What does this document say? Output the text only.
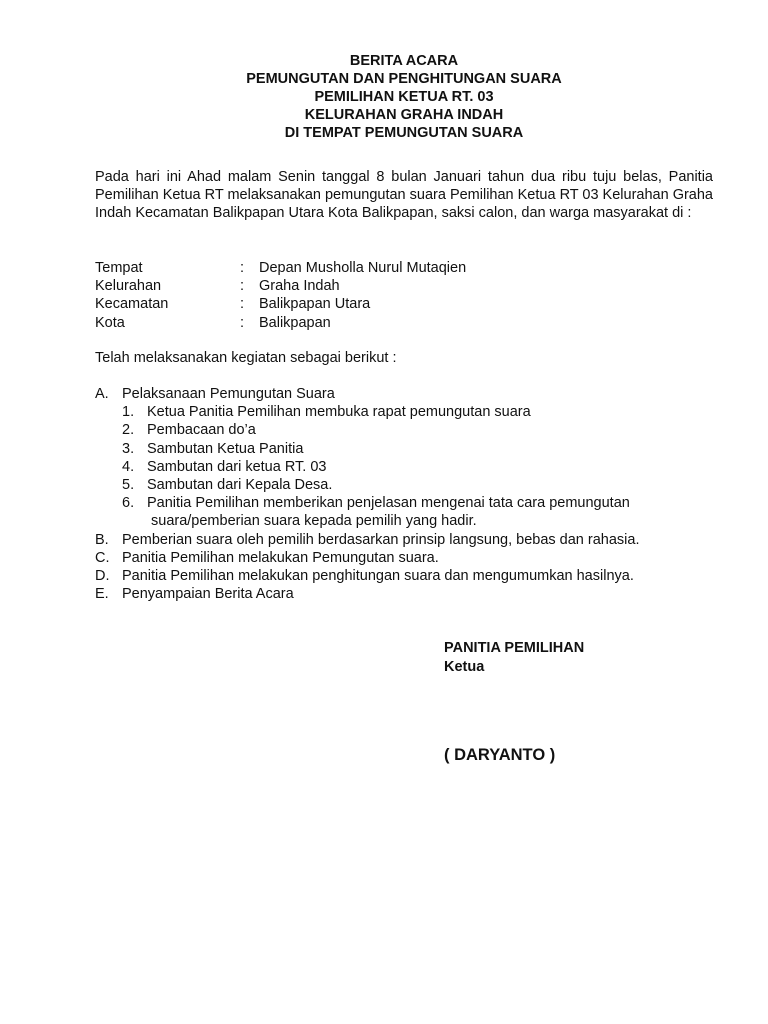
BERITA ACARA
PEMUNGUTAN DAN PENGHITUNGAN SUARA
PEMILIHAN KETUA RT. 03
KELURAHAN GRAHA INDAH
DI TEMPAT PEMUNGUTAN SUARA
Pada hari ini Ahad malam Senin tanggal 8 bulan Januari tahun dua ribu tuju belas, Panitia Pemilihan Ketua RT melaksanakan pemungutan suara Pemilihan Ketua RT 03 Kelurahan Graha Indah Kecamatan Balikpapan Utara Kota Balikpapan, saksi calon, dan warga masyarakat di :
Tempat	:	Depan Musholla Nurul Mutaqien
Kelurahan	:	Graha Indah
Kecamatan	:	Balikpapan Utara
Kota	:	Balikpapan
Telah melaksanakan kegiatan sebagai berikut :
A. Pelaksanaan Pemungutan Suara
1. Ketua Panitia Pemilihan membuka rapat pemungutan suara
2. Pembacaan do’a
3. Sambutan Ketua Panitia
4. Sambutan dari ketua RT. 03
5. Sambutan dari Kepala Desa.
6. Panitia Pemilihan memberikan penjelasan mengenai tata cara pemungutan
suara/pemberian suara kepada pemilih yang hadir.
B. Pemberian suara oleh pemilih berdasarkan prinsip langsung, bebas dan rahasia.
C. Panitia Pemilihan melakukan Pemungutan suara.
D. Panitia Pemilihan melakukan penghitungan suara dan mengumumkan hasilnya.
E. Penyampaian Berita Acara
PANITIA PEMILIHAN
Ketua
( DARYANTO )
